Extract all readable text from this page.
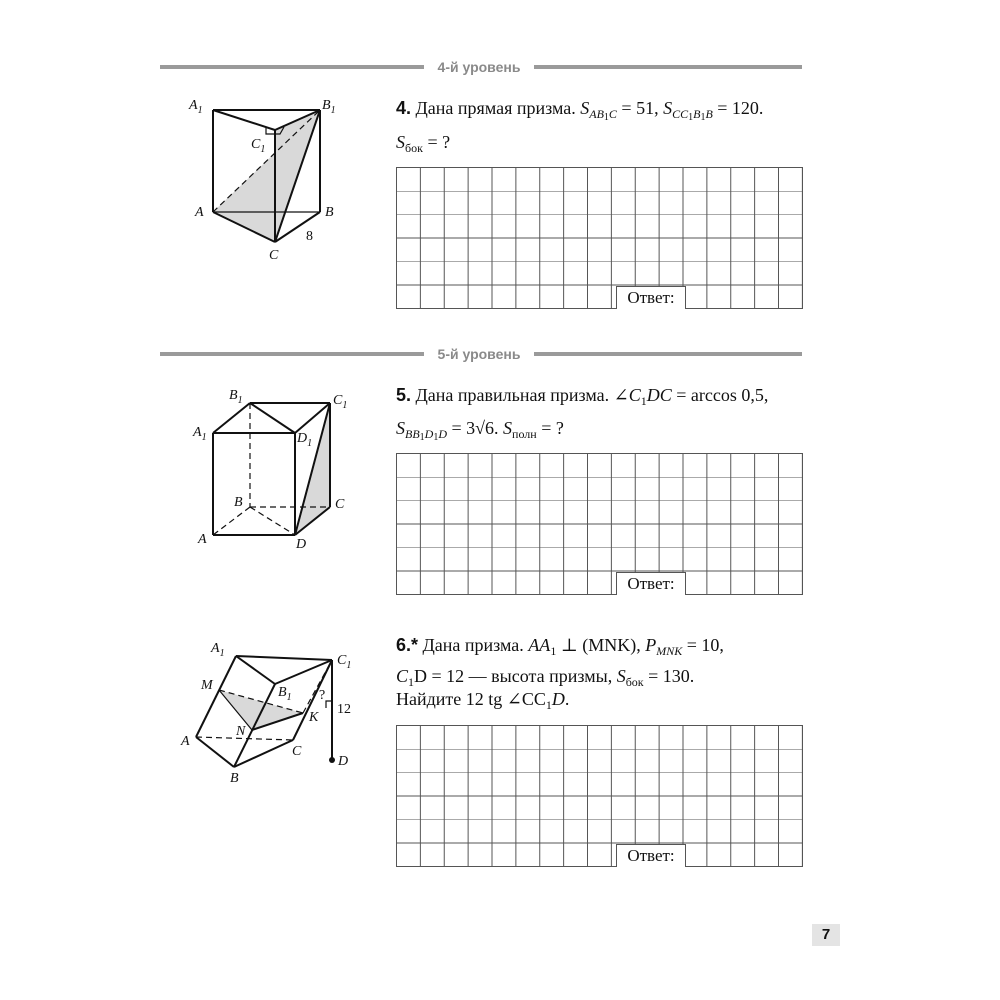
4-й уровень
$A_1$	$B_1$
$C_1$
A	B
C
8
4. Дана прямая призма. $S_{AB_1C} = 51$, $S_{CC_1B_1B} = 120$.
$S_{бок}$ = ?
Ответ:
5-й уровень
$B_1$	$C_1$
$A_1$	$D_1$
B	C
A	D
5. Дана правильная призма. $\angle C_1DC = \arccos 0,5$,
$S_{BB_1D_1D} = 3√6$. $S_{полн}$ = ?
Ответ:
$A_1$	$C_1$
M	$B_1$
K
N
A
C
B
D
12
?
6.* Дана призма. $AA_1$ ⊥ (MNK), $P_{MNK} = 10$,
$C_1D = 12$ — высота призмы, $S_{бок} = 130$.
Найдите 12 tg $\angle CC_1D$.
Ответ:
7
